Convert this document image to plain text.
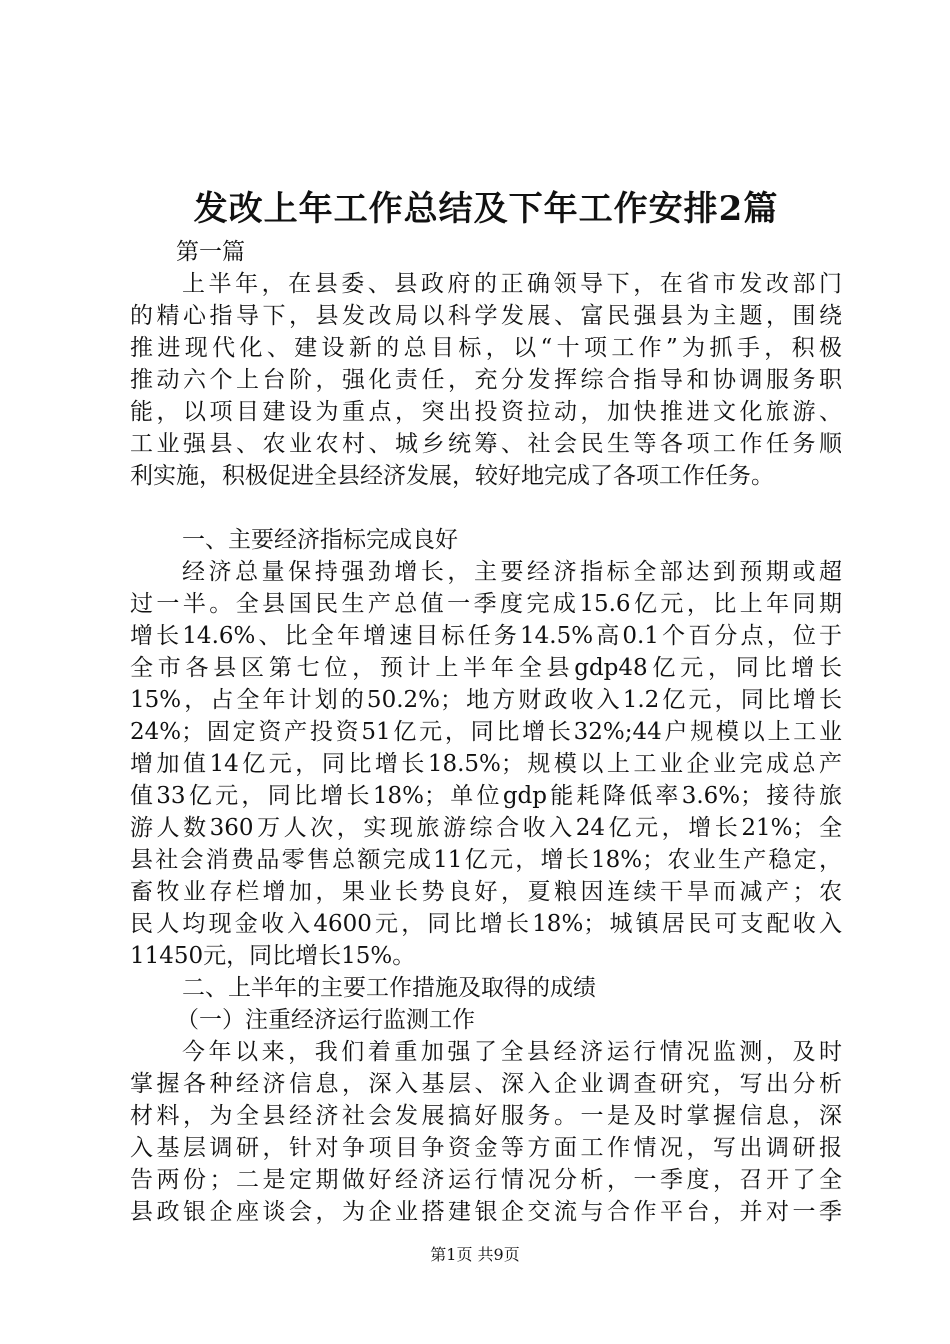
发改上年工作总结及下年工作安排2篇
第一篇
上半年，在县委、县政府的正确领导下，在省市发改部门
的精心指导下，县发改局以科学发展、富民强县为主题，围绕
推进现代化、建设新的总目标，以“十项工作”为抓手，积极
推动六个上台阶，强化责任，充分发挥综合指导和协调服务职
能，以项目建设为重点，突出投资拉动，加快推进文化旅游、
工业强县、农业农村、城乡统筹、社会民生等各项工作任务顺
利实施，积极促进全县经济发展，较好地完成了各项工作任务。
一、主要经济指标完成良好
经济总量保持强劲增长，主要经济指标全部达到预期或超
过一半。全县国民生产总值一季度完成15.6亿元，比上年同期
增长14.6%、比全年增速目标任务14.5%高0.1个百分点，位于
全市各县区第七位，预计上半年全县gdp48亿元，同比增长
15%，占全年计划的50.2%；地方财政收入1.2亿元，同比增长
24%；固定资产投资51亿元，同比增长32%;44户规模以上工业
增加值14亿元，同比增长18.5%；规模以上工业企业完成总产
值33亿元，同比增长18%；单位gdp能耗降低率3.6%；接待旅
游人数360万人次，实现旅游综合收入24亿元，增长21%；全
县社会消费品零售总额完成11亿元，增长18%；农业生产稳定，
畜牧业存栏增加，果业长势良好，夏粮因连续干旱而减产；农
民人均现金收入4600元，同比增长18%；城镇居民可支配收入
11450元，同比增长15%。
二、上半年的主要工作措施及取得的成绩
（一）注重经济运行监测工作
今年以来，我们着重加强了全县经济运行情况监测，及时
掌握各种经济信息，深入基层、深入企业调查研究，写出分析
材料，为全县经济社会发展搞好服务。一是及时掌握信息，深
入基层调研，针对争项目争资金等方面工作情况，写出调研报
告两份；二是定期做好经济运行情况分析，一季度，召开了全
县政银企座谈会，为企业搭建银企交流与合作平台，并对一季
第1页 共9页
